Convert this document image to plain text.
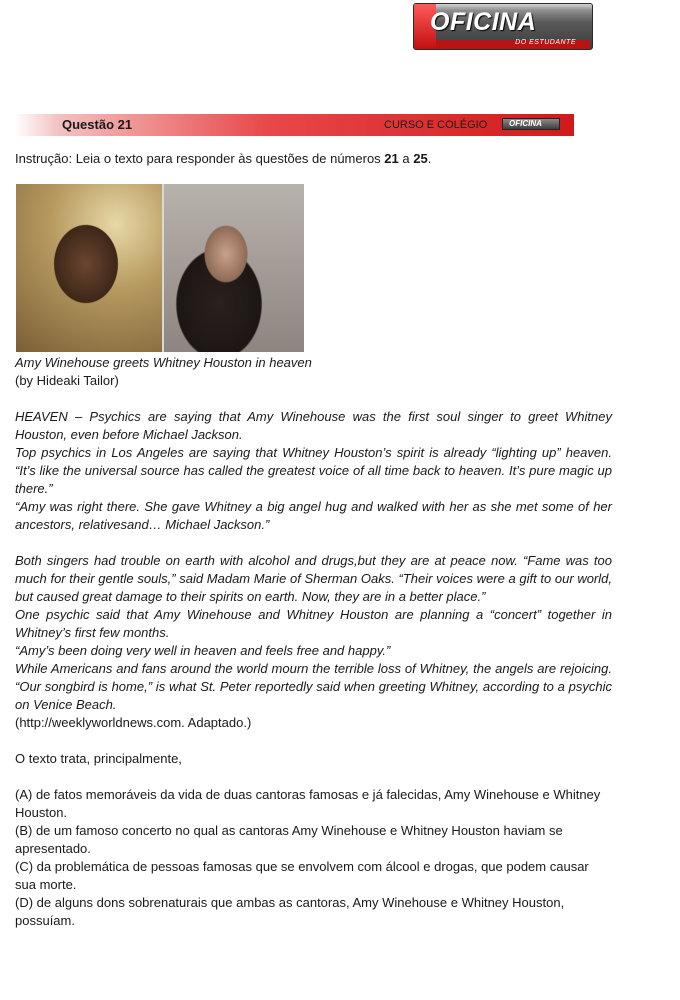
OFICINA
DO ESTUDANTE
Questão 21	CURSO E COLÉGIO	OFICINA

Instrução: Leia o texto para responder às questões de números 21 a 25.

Amy Winehouse greets Whitney Houston in heaven

(by Hideaki Tailor)

HEAVEN – Psychics are saying that Amy Winehouse was the first soul singer to greet Whitney Houston, even before Michael Jackson.

Top psychics in Los Angeles are saying that Whitney Houston’s spirit is already “lighting up” heaven. “It’s like the universal source has called the greatest voice of all time back to heaven. It’s pure magic up there.”

“Amy was right there. She gave Whitney a big angel hug and walked with her as she met some of her ancestors, relativesand… Michael Jackson.”

Both singers had trouble on earth with alcohol and drugs,but they are at peace now. “Fame was too much for their gentle souls,” said Madam Marie of Sherman Oaks. “Their voices were a gift to our world, but caused great damage to their spirits on earth. Now, they are in a better place.”

One psychic said that Amy Winehouse and Whitney Houston are planning a “concert” together in Whitney’s first few months.

“Amy’s been doing very well in heaven and feels free and happy.”

While Americans and fans around the world mourn the terrible loss of Whitney, the angels are rejoicing. “Our songbird is home,” is what St. Peter reportedly said when greeting Whitney, according to a psychic on Venice Beach.

(http://weeklyworldnews.com. Adaptado.)

O texto trata, principalmente,

(A) de fatos memoráveis da vida de duas cantoras famosas e já falecidas, Amy Winehouse e Whitney Houston.

(B) de um famoso concerto no qual as cantoras Amy Winehouse e Whitney Houston haviam se apresentado.

(C) da problemática de pessoas famosas que se envolvem com álcool e drogas, que podem causar sua morte.

(D) de alguns dons sobrenaturais que ambas as cantoras, Amy Winehouse e Whitney Houston, possuíam.
